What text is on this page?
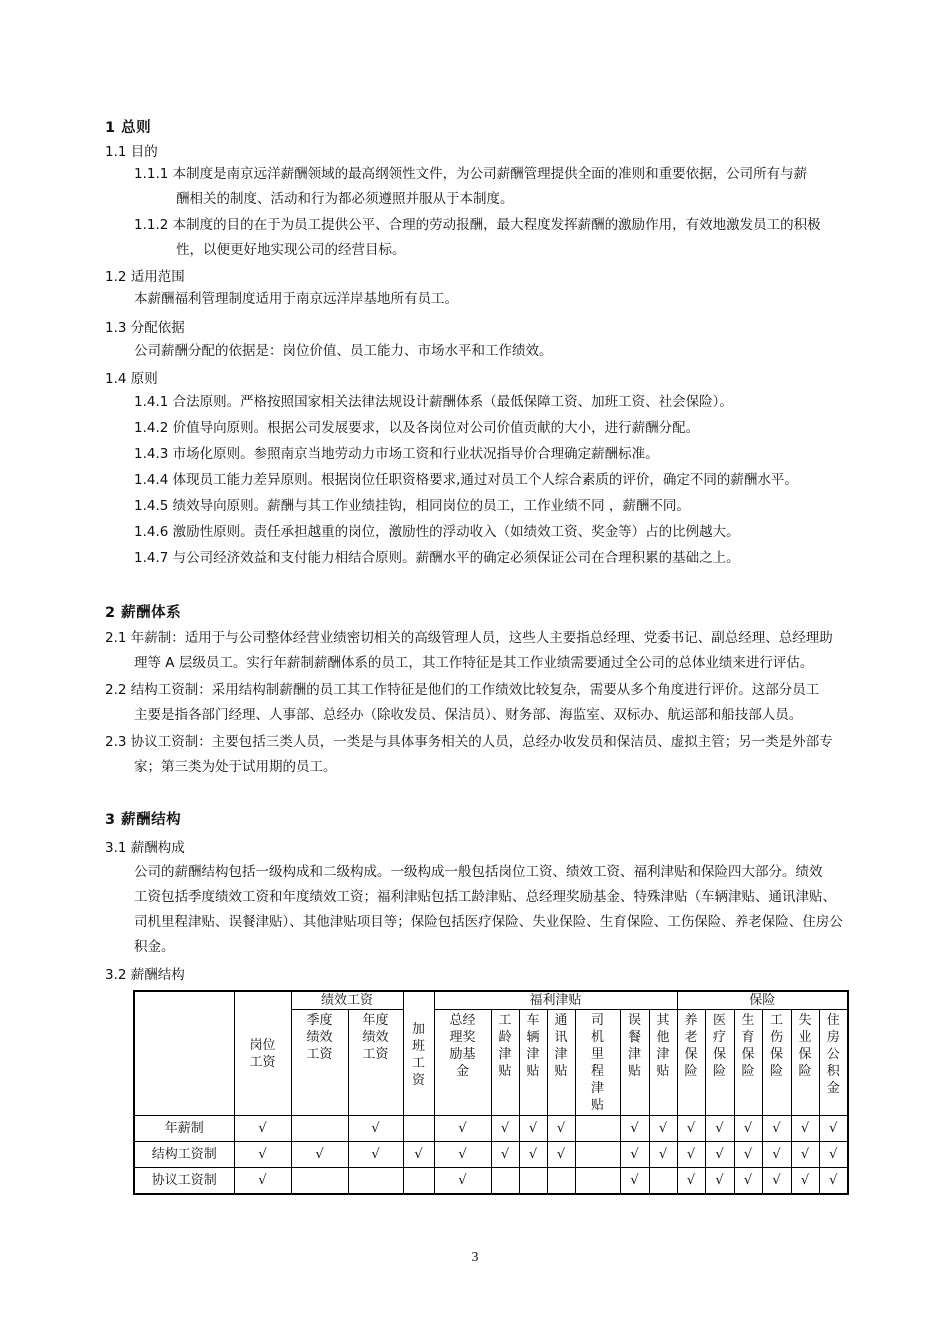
1 总则
1.1 目的
1.1.1 本制度是南京远洋薪酬领域的最高纲领性文件，为公司薪酬管理提供全面的准则和重要依据，公司所有与薪
酬相关的制度、活动和行为都必须遵照并服从于本制度。
1.1.2 本制度的目的在于为员工提供公平、合理的劳动报酬，最大程度发挥薪酬的激励作用，有效地激发员工的积极
性，以便更好地实现公司的经营目标。
1.2 适用范围
本薪酬福利管理制度适用于南京远洋岸基地所有员工。
1.3 分配依据
公司薪酬分配的依据是：岗位价值、员工能力、市场水平和工作绩效。
1.4 原则
1.4.1 合法原则。严格按照国家相关法律法规设计薪酬体系（最低保障工资、加班工资、社会保险）。
1.4.2 价值导向原则。根据公司发展要求，以及各岗位对公司价值贡献的大小，进行薪酬分配。
1.4.3 市场化原则。参照南京当地劳动力市场工资和行业状况指导价合理确定薪酬标准。
1.4.4 体现员工能力差异原则。根据岗位任职资格要求,通过对员工个人综合素质的评价，确定不同的薪酬水平。
1.4.5 绩效导向原则。薪酬与其工作业绩挂钩，相同岗位的员工，工作业绩不同 ，薪酬不同。
1.4.6 激励性原则。责任承担越重的岗位，激励性的浮动收入（如绩效工资、奖金等）占的比例越大。
1.4.7 与公司经济效益和支付能力相结合原则。薪酬水平的确定必须保证公司在合理积累的基础之上。
2 薪酬体系
2.1 年薪制：适用于与公司整体经营业绩密切相关的高级管理人员，这些人主要指总经理、党委书记、副总经理、总经理助
理等 A 层级员工。实行年薪制薪酬体系的员工，其工作特征是其工作业绩需要通过全公司的总体业绩来进行评估。
2.2 结构工资制：采用结构制薪酬的员工其工作特征是他们的工作绩效比较复杂，需要从多个角度进行评价。这部分员工
主要是指各部门经理、人事部、总经办（除收发员、保洁员）、财务部、海监室、双标办、航运部和船技部人员。
2.3 协议工资制：主要包括三类人员，一类是与具体事务相关的人员，总经办收发员和保洁员、虚拟主管；另一类是外部专
家；第三类为处于试用期的员工。
3 薪酬结构
3.1 薪酬构成
公司的薪酬结构包括一级构成和二级构成。一级构成一般包括岗位工资、绩效工资、福利津贴和保险四大部分。绩效
工资包括季度绩效工资和年度绩效工资；福利津贴包括工龄津贴、总经理奖励基金、特殊津贴（车辆津贴、通讯津贴、
司机里程津贴、误餐津贴）、其他津贴项目等；保险包括医疗保险、失业保险、生育保险、工伤保险、养老保险、住房公
积金。
3.2 薪酬结构
	岗位工资	绩效工资		加班工资	福利津贴							保险					
		季度绩效工资	年度绩效工资		总经理奖励基金	工龄津贴	车辆津贴	通讯津贴	司机里程津贴	误餐津贴	其他津贴	养老保险	医疗保险	生育保险	工伤保险	失业保险	住房公积金
年薪制	√		√		√	√	√	√		√	√	√	√	√	√	√	√
结构工资制	√	√	√	√	√	√	√	√		√	√	√	√	√	√	√	√
协议工资制	√				√					√		√	√	√	√	√	√
3
